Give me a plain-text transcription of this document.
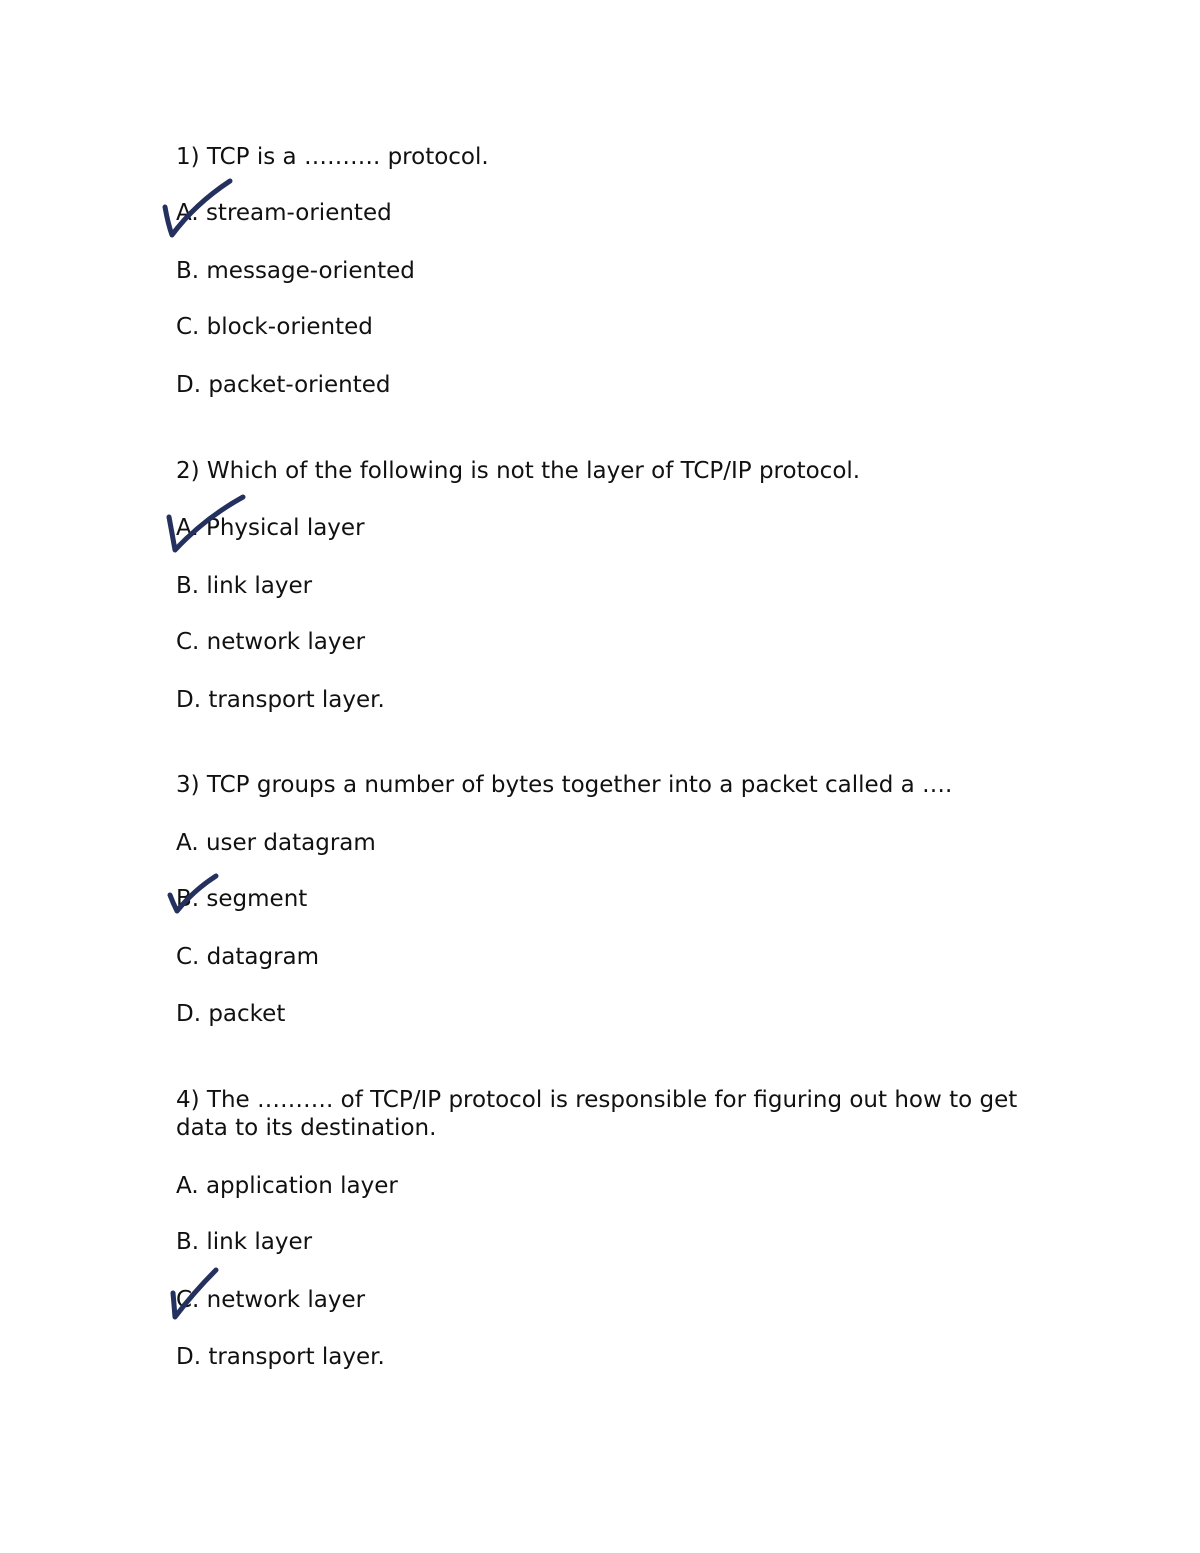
1) TCP is a ………. protocol.
A. stream-oriented
B. message-oriented
C. block-oriented
D. packet-oriented
2) Which of the following is not the layer of TCP/IP protocol.
A. Physical layer
B. link layer
C. network layer
D. transport layer.
3) TCP groups a number of bytes together into a packet called a ….
A. user datagram
B. segment
C. datagram
D. packet
4) The ………. of TCP/IP protocol is responsible for figuring out how to get data to its destination.
A. application layer
B. link layer
C. network layer
D. transport layer.
